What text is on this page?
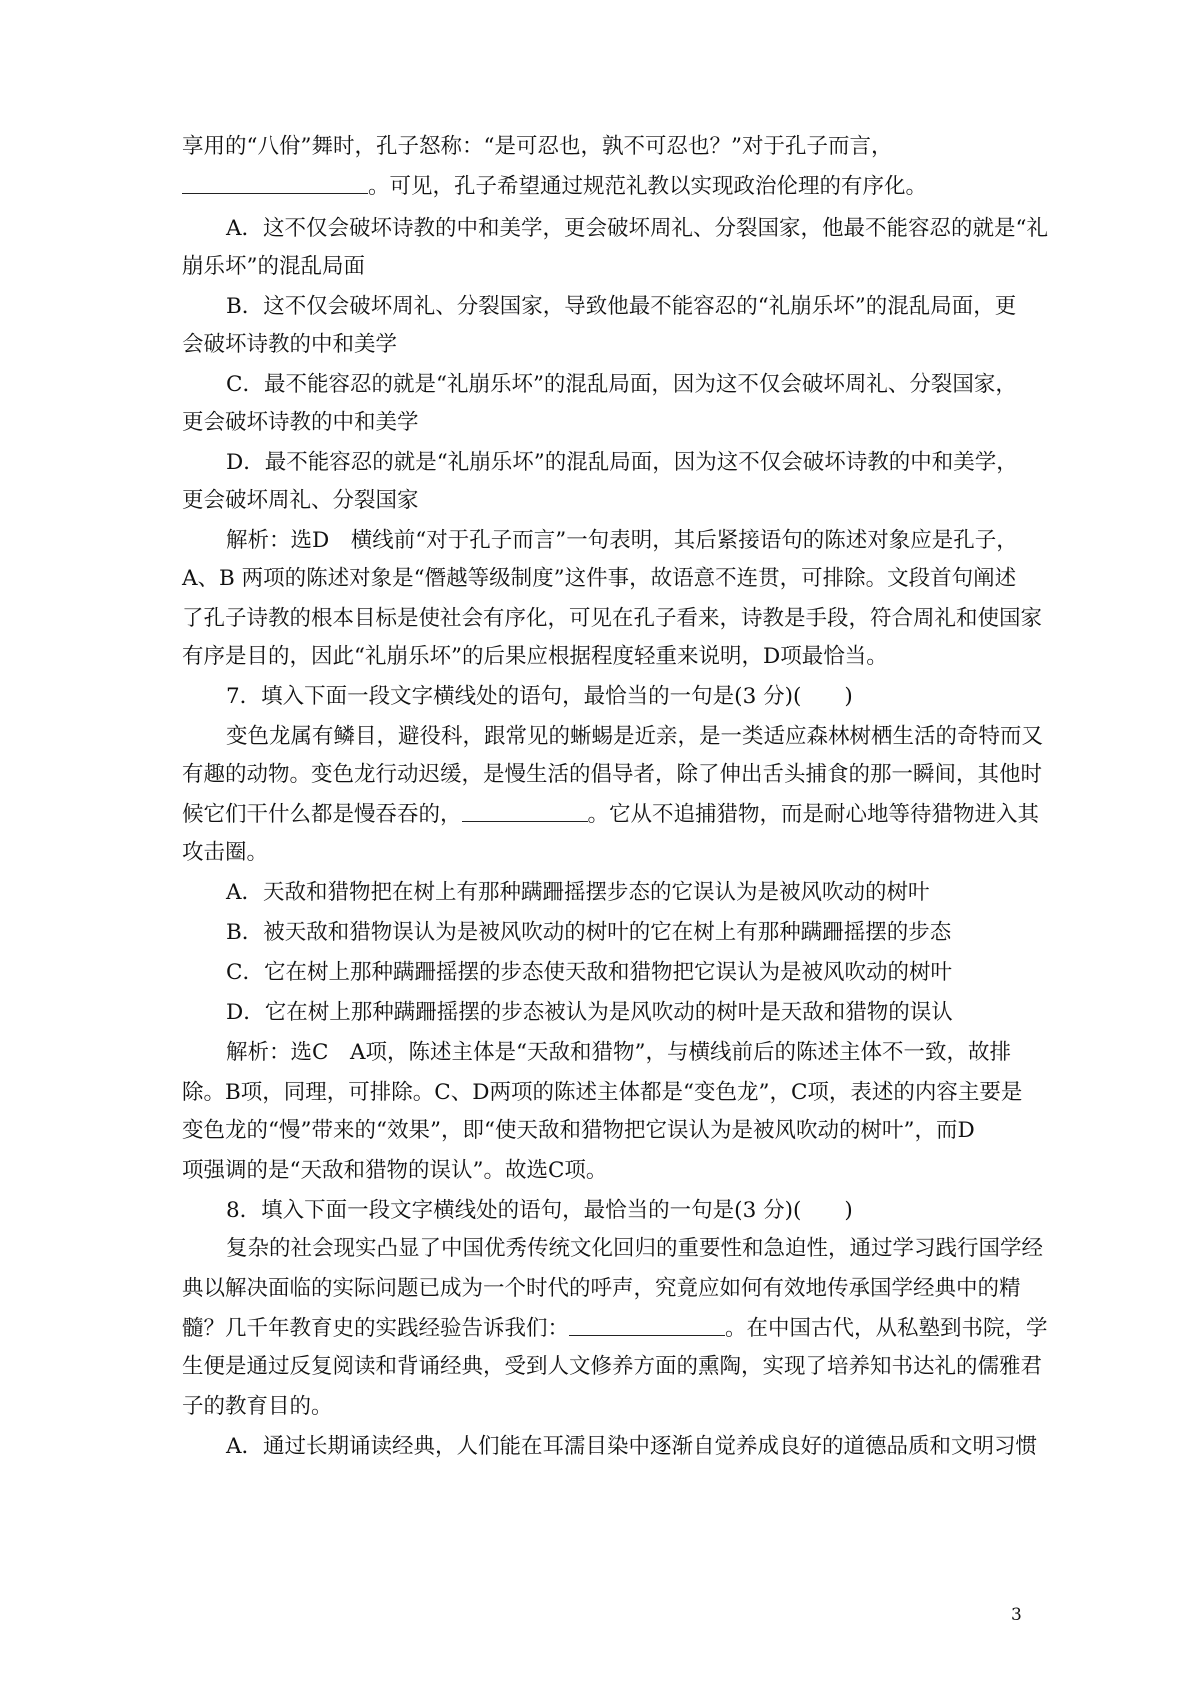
享用的“八佾”舞时，孔子怒称：“是可忍也，孰不可忍也？”对于孔子而言，
。可见，孔子希望通过规范礼教以实现政治伦理的有序化。
A．这不仅会破坏诗教的中和美学，更会破坏周礼、分裂国家，他最不能容忍的就是“礼
崩乐坏”的混乱局面
B．这不仅会破坏周礼、分裂国家，导致他最不能容忍的“礼崩乐坏”的混乱局面，更
会破坏诗教的中和美学
C．最不能容忍的就是“礼崩乐坏”的混乱局面，因为这不仅会破坏周礼、分裂国家，
更会破坏诗教的中和美学
D．最不能容忍的就是“礼崩乐坏”的混乱局面，因为这不仅会破坏诗教的中和美学，
更会破坏周礼、分裂国家
解析：选D　横线前“对于孔子而言”一句表明，其后紧接语句的陈述对象应是孔子，
A、B 两项的陈述对象是“僭越等级制度”这件事，故语意不连贯，可排除。文段首句阐述
了孔子诗教的根本目标是使社会有序化，可见在孔子看来，诗教是手段，符合周礼和使国家
有序是目的，因此“礼崩乐坏”的后果应根据程度轻重来说明，D项最恰当。
7．填入下面一段文字横线处的语句，最恰当的一句是(3 分)(　　)
变色龙属有鳞目，避役科，跟常见的蜥蜴是近亲，是一类适应森林树栖生活的奇特而又
有趣的动物。变色龙行动迟缓，是慢生活的倡导者，除了伸出舌头捕食的那一瞬间，其他时
候它们干什么都是慢吞吞的，	。它从不追捕猎物，而是耐心地等待猎物进入其
攻击圈。
A．天敌和猎物把在树上有那种蹒跚摇摆步态的它误认为是被风吹动的树叶
B．被天敌和猎物误认为是被风吹动的树叶的它在树上有那种蹒跚摇摆的步态
C．它在树上那种蹒跚摇摆的步态使天敌和猎物把它误认为是被风吹动的树叶
D．它在树上那种蹒跚摇摆的步态被认为是风吹动的树叶是天敌和猎物的误认
解析：选C　A项，陈述主体是“天敌和猎物”，与横线前后的陈述主体不一致，故排
除。B项，同理，可排除。C、D两项的陈述主体都是“变色龙”，C项，表述的内容主要是
变色龙的“慢”带来的“效果”，即“使天敌和猎物把它误认为是被风吹动的树叶”，而D
项强调的是“天敌和猎物的误认”。故选C项。
8．填入下面一段文字横线处的语句，最恰当的一句是(3 分)(　　)
复杂的社会现实凸显了中国优秀传统文化回归的重要性和急迫性，通过学习践行国学经
典以解决面临的实际问题已成为一个时代的呼声，究竟应如何有效地传承国学经典中的精
髓？几千年教育史的实践经验告诉我们：	。在中国古代，从私塾到书院，学
生便是通过反复阅读和背诵经典，受到人文修养方面的熏陶，实现了培养知书达礼的儒雅君
子的教育目的。
A．通过长期诵读经典，人们能在耳濡目染中逐渐自觉养成良好的道德品质和文明习惯
3
